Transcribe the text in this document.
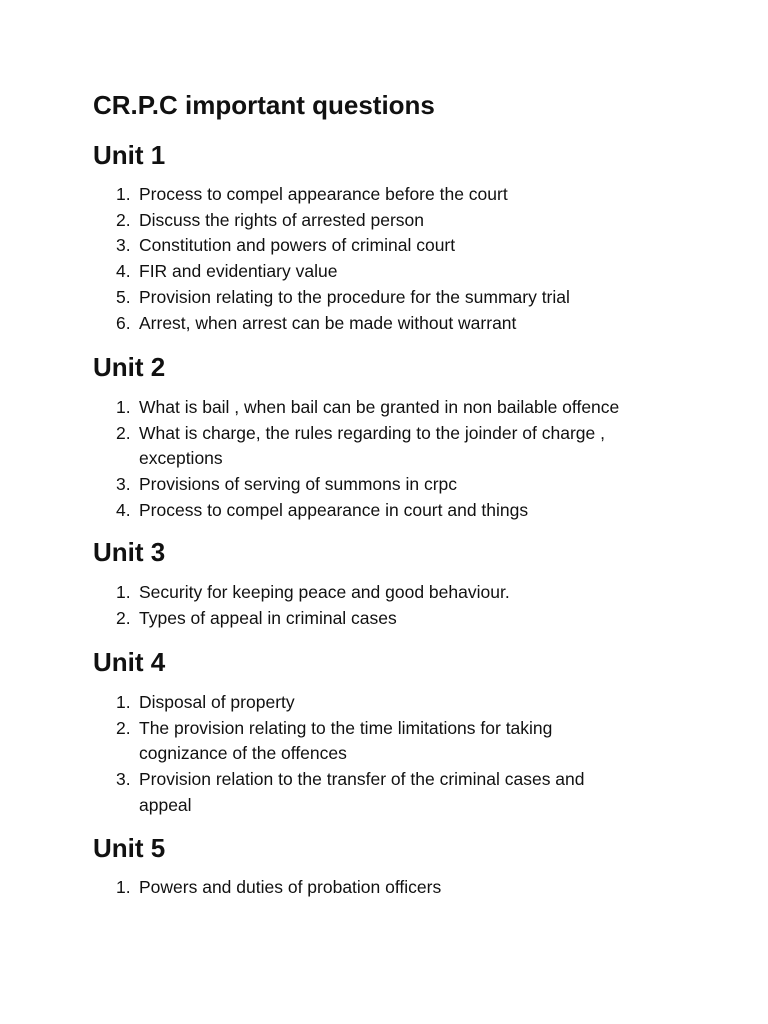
CR.P.C important questions
Unit 1
1. Process to compel appearance before the court
2. Discuss the rights of arrested person
3. Constitution and powers of criminal court
4. FIR and evidentiary value
5. Provision relating to the procedure for the summary trial
6. Arrest, when arrest can be made without warrant
Unit 2
1. What is bail , when bail can be granted in non bailable offence
2. What is charge, the rules regarding to the joinder of charge ,
exceptions
3. Provisions of serving of summons in crpc
4. Process to compel appearance in court and things
Unit 3
1. Security for keeping peace and good behaviour.
2. Types of appeal in criminal cases
Unit 4
1. Disposal of property
2. The provision relating to the time limitations for taking
cognizance of the offences
3. Provision relation to the transfer of the criminal cases and
appeal
Unit 5
1. Powers and duties of probation officers
